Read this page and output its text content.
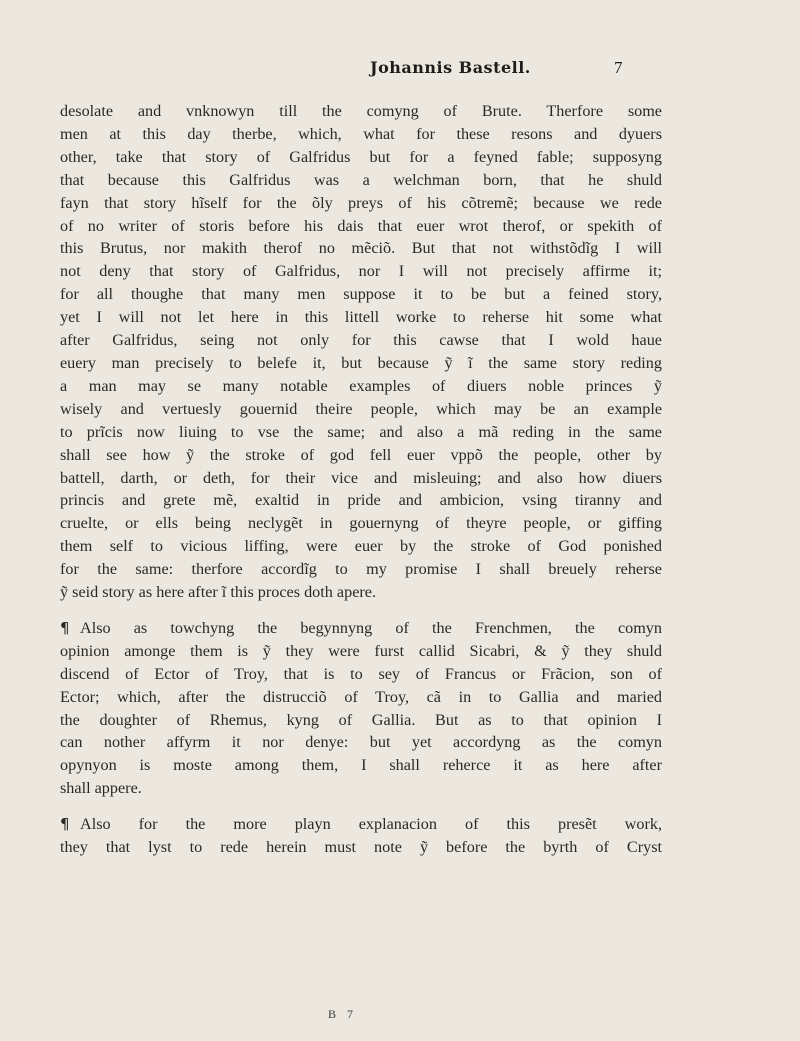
Johannis Bastell.	7

desolate and vnknowyn till the comyng of Brute. Therfore some
men at this day therbe, which, what for these resons and dyuers
other, take that story of Galfridus but for a feyned fable; supposyng
that because this Galfridus was a welchman born, that he shuld
fayn that story hĩself for the õly preys of his cõtremẽ; because we rede
of no writer of storis before his dais that euer wrot therof, or spekith of
this Brutus, nor makith therof no mẽciõ. But that not withstõdĩg I will
not deny that story of Galfridus, nor I will not precisely affirme it;
for all thoughe that many men suppose it to be but a feined story,
yet I will not let here in this littell worke to reherse hit some what
after Galfridus, seing not only for this cawse that I wold haue
euery man precisely to belefe it, but because ỹ ĩ the same story reding
a man may se many notable examples of diuers noble princes ỹ
wisely and vertuesly gouernid theire people, which may be an example
to prĩcis now liuing to vse the same; and also a mã reding in the same
shall see how ỹ the stroke of god fell euer vppõ the people, other by
battell, darth, or deth, for their vice and misleuing; and also how diuers
princis and grete mẽ, exaltid in pride and ambicion, vsing tiranny and
cruelte, or ells being neclygẽt in gouernyng of theyre people, or giffing
them self to vicious liffing, were euer by the stroke of God ponished
for the same: therfore accordĩg to my promise I shall breuely reherse
ỹ seid story as here after ĩ this proces doth apere.

¶ Also as towchyng the begynnyng of the Frenchmen, the comyn
opinion amonge them is ỹ they were furst callid Sicabri, & ỹ they shuld
discend of Ector of Troy, that is to sey of Francus or Frãcion, son of
Ector; which, after the distrucciõ of Troy, cã in to Gallia and maried
the doughter of Rhemus, kyng of Gallia. But as to that opinion I
can nother affyrm it nor denye: but yet accordyng as the comyn
opynyon is moste among them, I shall reherce it as here after
shall appere.

¶ Also for the more playn explanacion of this presẽt work,
they that lyst to rede herein must note ỹ before the byrth of Cryst

B 7
